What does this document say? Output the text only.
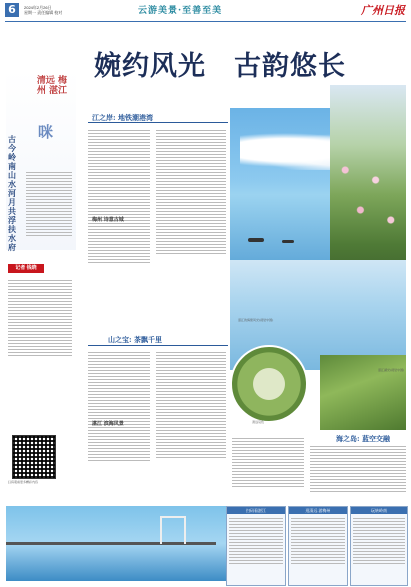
6	2024年2月26日
星期一 责任编辑 校对	云游美景·至善至美	广州日报
婉约风光　古韵悠长
清远 梅州 湛江
咪
古今岭南 山水 河月 共浮 扶水府
记者 钱晓
扫码观看更多精彩内容
江之岸: 地铁潮港湾
梅州 诗意古城
山之宝: 茶飘千里
湛江 滨海风景
湛江的旖旎风光(视觉中国)
清远景色
湛江湖光(视觉中国)
海之岛: 蓝空交融
扫码看湛江	逛清远 游梅州	玩转岭南
